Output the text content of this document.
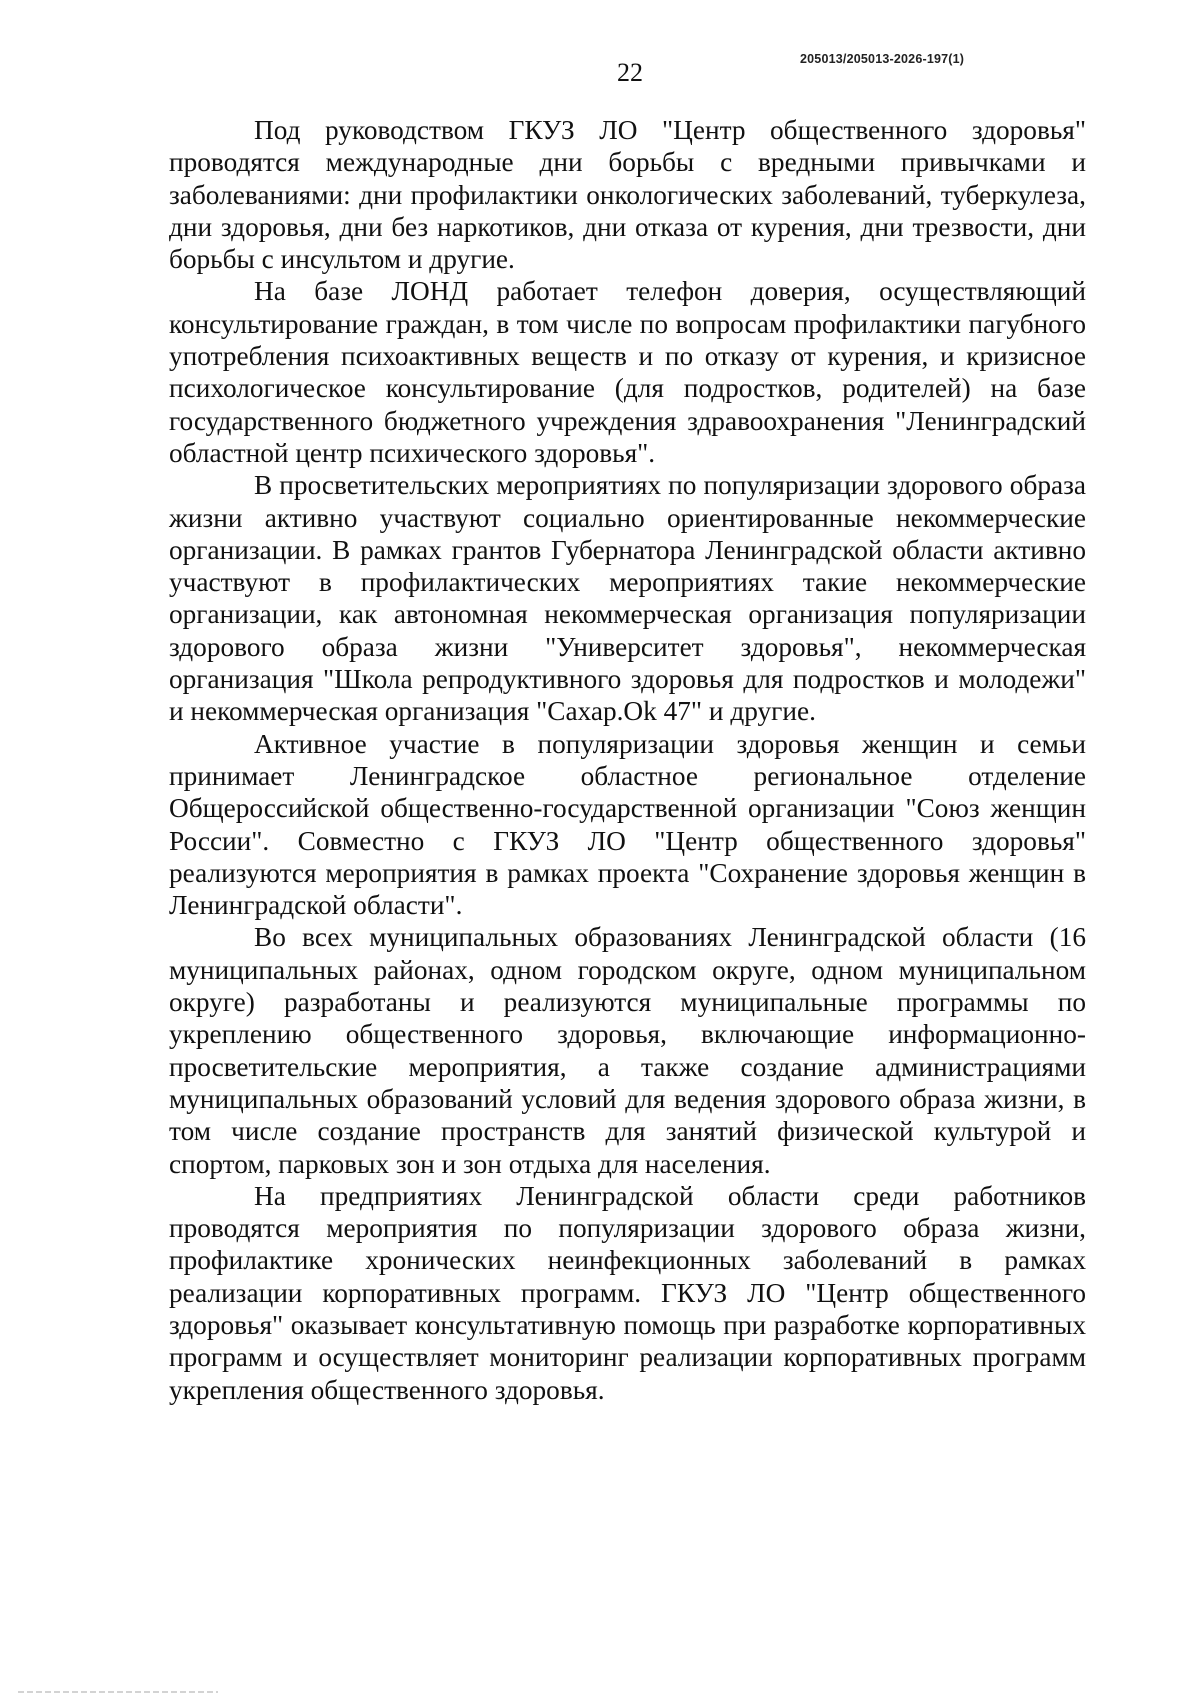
22	205013/205013-2026-197(1)

Под руководством ГКУЗ ЛО "Центр общественного здоровья" проводятся международные дни борьбы с вредными привычками и заболеваниями: дни профилактики онкологических заболеваний, туберкулеза, дни здоровья, дни без наркотиков, дни отказа от курения, дни трезвости, дни борьбы с инсультом и другие.

На базе ЛОНД работает телефон доверия, осуществляющий консультирование граждан, в том числе по вопросам профилактики пагубного употребления психоактивных веществ и по отказу от курения, и кризисное психологическое консультирование (для подростков, родителей) на базе государственного бюджетного учреждения здравоохранения "Ленинградский областной центр психического здоровья".

В просветительских мероприятиях по популяризации здорового образа жизни активно участвуют социально ориентированные некоммерческие организации. В рамках грантов Губернатора Ленинградской области активно участвуют в профилактических мероприятиях такие некоммерческие организации, как автономная некоммерческая организация популяризации здорового образа жизни "Университет здоровья", некоммерческая организация "Школа репродуктивного здоровья для подростков и молодежи" и некоммерческая организация "Сахар.Ok 47" и другие.

Активное участие в популяризации здоровья женщин и семьи принимает Ленинградское областное региональное отделение Общероссийской общественно-государственной организации "Союз женщин России". Совместно с ГКУЗ ЛО "Центр общественного здоровья" реализуются мероприятия в рамках проекта "Сохранение здоровья женщин в Ленинградской области".

Во всех муниципальных образованиях Ленинградской области (16 муниципальных районах, одном городском округе, одном муниципальном округе) разработаны и реализуются муниципальные программы по укреплению общественного здоровья, включающие информационно-просветительские мероприятия, а также создание администрациями муниципальных образований условий для ведения здорового образа жизни, в том числе создание пространств для занятий физической культурой и спортом, парковых зон и зон отдыха для населения.

На предприятиях Ленинградской области среди работников проводятся мероприятия по популяризации здорового образа жизни, профилактике хронических неинфекционных заболеваний в рамках реализации корпоративных программ. ГКУЗ ЛО "Центр общественного здоровья" оказывает консультативную помощь при разработке корпоративных программ и осуществляет мониторинг реализации корпоративных программ укрепления общественного здоровья.
